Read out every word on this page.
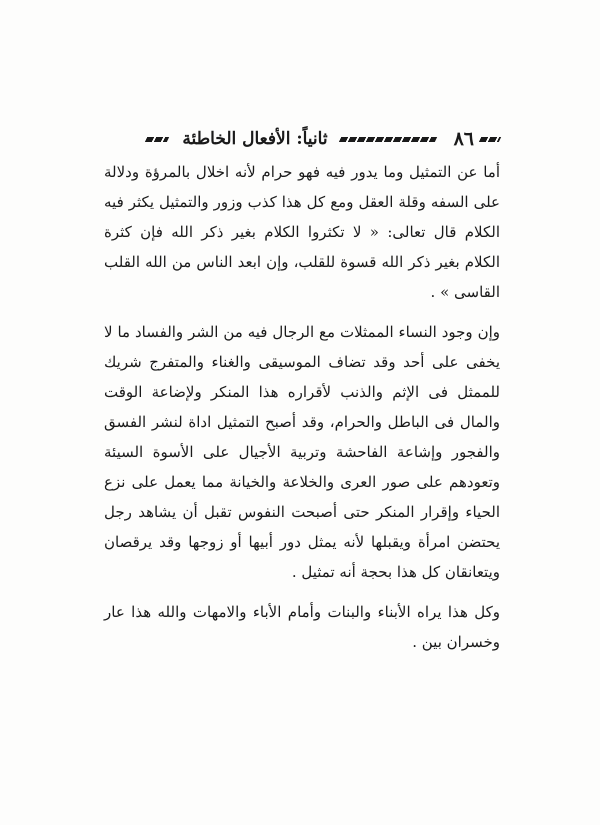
٨٦
ثانياً: الأفعال الخاطئة

أما عن التمثيل وما يدور فيه فهو حرام لأنه اخلال بالمرؤة ودلالة على السفه وقلة العقل ومع كل هذا كذب وزور والتمثيل يكثر فيه الكلام قال تعالى: « لا تكثروا الكلام بغير ذكر الله فإن كثرة الكلام بغير ذكر الله قسوة للقلب، وإن ابعد الناس من الله القلب القاسى » .

وإن وجود النساء الممثلات مع الرجال فيه من الشر والفساد ما لا يخفى على أحد وقد تضاف الموسيقى والغناء والمتفرج شريك للممثل فى الإثم والذنب لأقراره هذا المنكر ولإضاعة الوقت والمال فى الباطل والحرام، وقد أصبح التمثيل اداة لنشر الفسق والفجور وإشاعة الفاحشة وتربية الأجيال على الأسوة السيئة وتعودهم على صور العرى والخلاعة والخيانة مما يعمل على نزع الحياء وإقرار المنكر حتى أصبحت النفوس تقبل أن يشاهد رجل يحتضن امرأة ويقبلها لأنه يمثل دور أبيها أو زوجها وقد يرقصان ويتعانقان كل هذا بحجة أنه تمثيل .

وكل هذا يراه الأبناء والبنات وأمام الأباء والامهات والله هذا عار وخسران بين .
